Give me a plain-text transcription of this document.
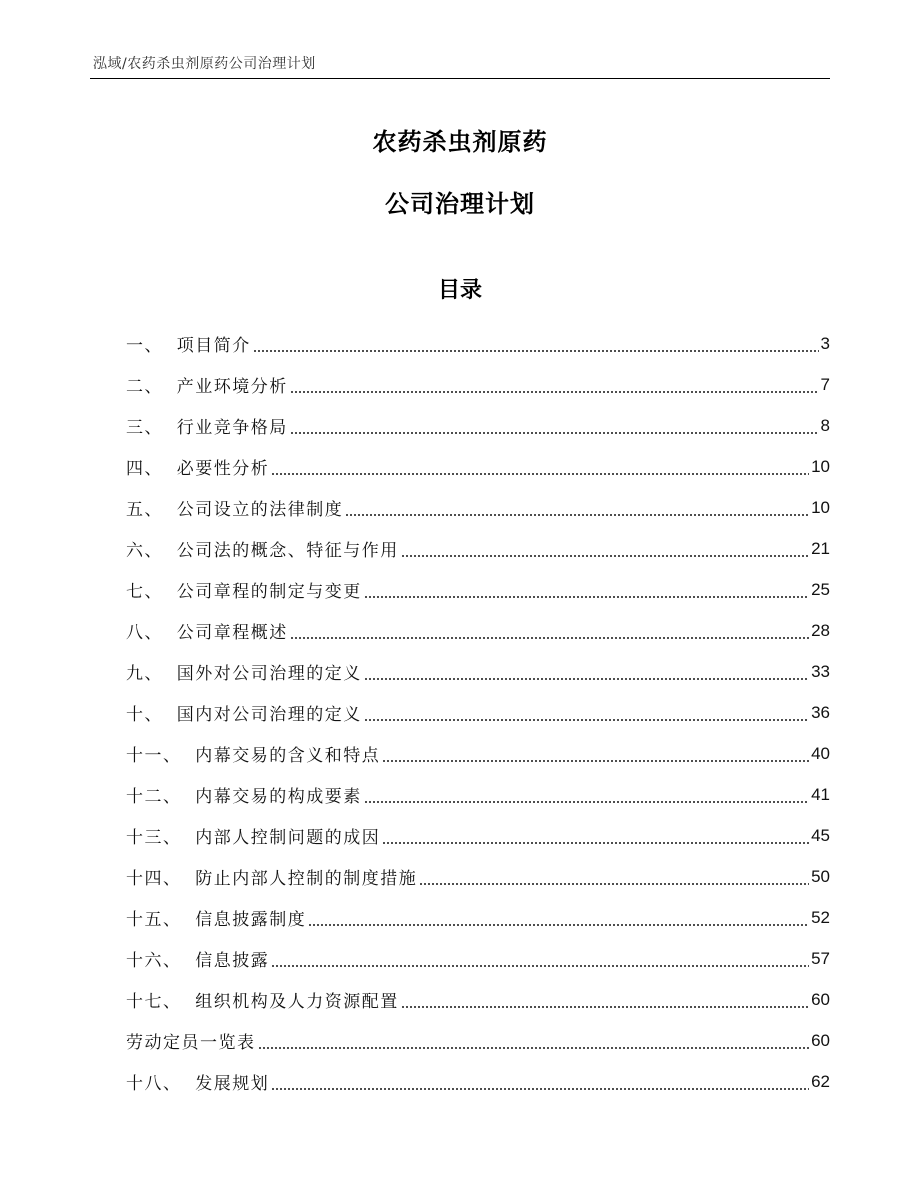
泓域/农药杀虫剂原药公司治理计划
农药杀虫剂原药
公司治理计划
目录
一、  项目简介	3
二、  产业环境分析	7
三、  行业竞争格局	8
四、  必要性分析	10
五、  公司设立的法律制度	10
六、  公司法的概念、特征与作用	21
七、  公司章程的制定与变更	25
八、  公司章程概述	28
九、  国外对公司治理的定义	33
十、  国内对公司治理的定义	36
十一、  内幕交易的含义和特点	40
十二、  内幕交易的构成要素	41
十三、  内部人控制问题的成因	45
十四、  防止内部人控制的制度措施	50
十五、  信息披露制度	52
十六、  信息披露	57
十七、  组织机构及人力资源配置	60
劳动定员一览表	60
十八、  发展规划	62
